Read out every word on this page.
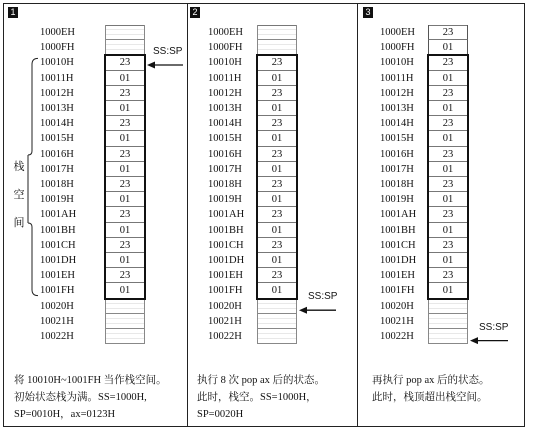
1
1000EH
1000FH
10010H	23
10011H	01
10012H	23
10013H	01
10014H	23
10015H	01
10016H	23
10017H	01
10018H	23
10019H	01
1001AH	23
1001BH	01
1001CH	23
1001DH	01
1001EH	23
1001FH	01
10020H
10021H
10022H
SS:SP
栈

空

间
将 10010H~1001FH 当作栈空间。
初始状态栈为满。SS=1000H,
SP=0010H，ax=0123H
2
1000EH
1000FH
10010H	23
10011H	01
10012H	23
10013H	01
10014H	23
10015H	01
10016H	23
10017H	01
10018H	23
10019H	01
1001AH	23
1001BH	01
1001CH	23
1001DH	01
1001EH	23
1001FH	01
10020H
10021H
10022H
SS:SP
执行 8 次 pop ax 后的状态。
此时，栈空。SS=1000H，
SP=0020H
3
1000EH	23
1000FH	01
10010H	23
10011H	01
10012H	23
10013H	01
10014H	23
10015H	01
10016H	23
10017H	01
10018H	23
10019H	01
1001AH	23
1001BH	01
1001CH	23
1001DH	01
1001EH	23
1001FH	01
10020H
10021H
10022H
SS:SP
再执行 pop ax 后的状态。
此时，栈顶超出栈空间。
